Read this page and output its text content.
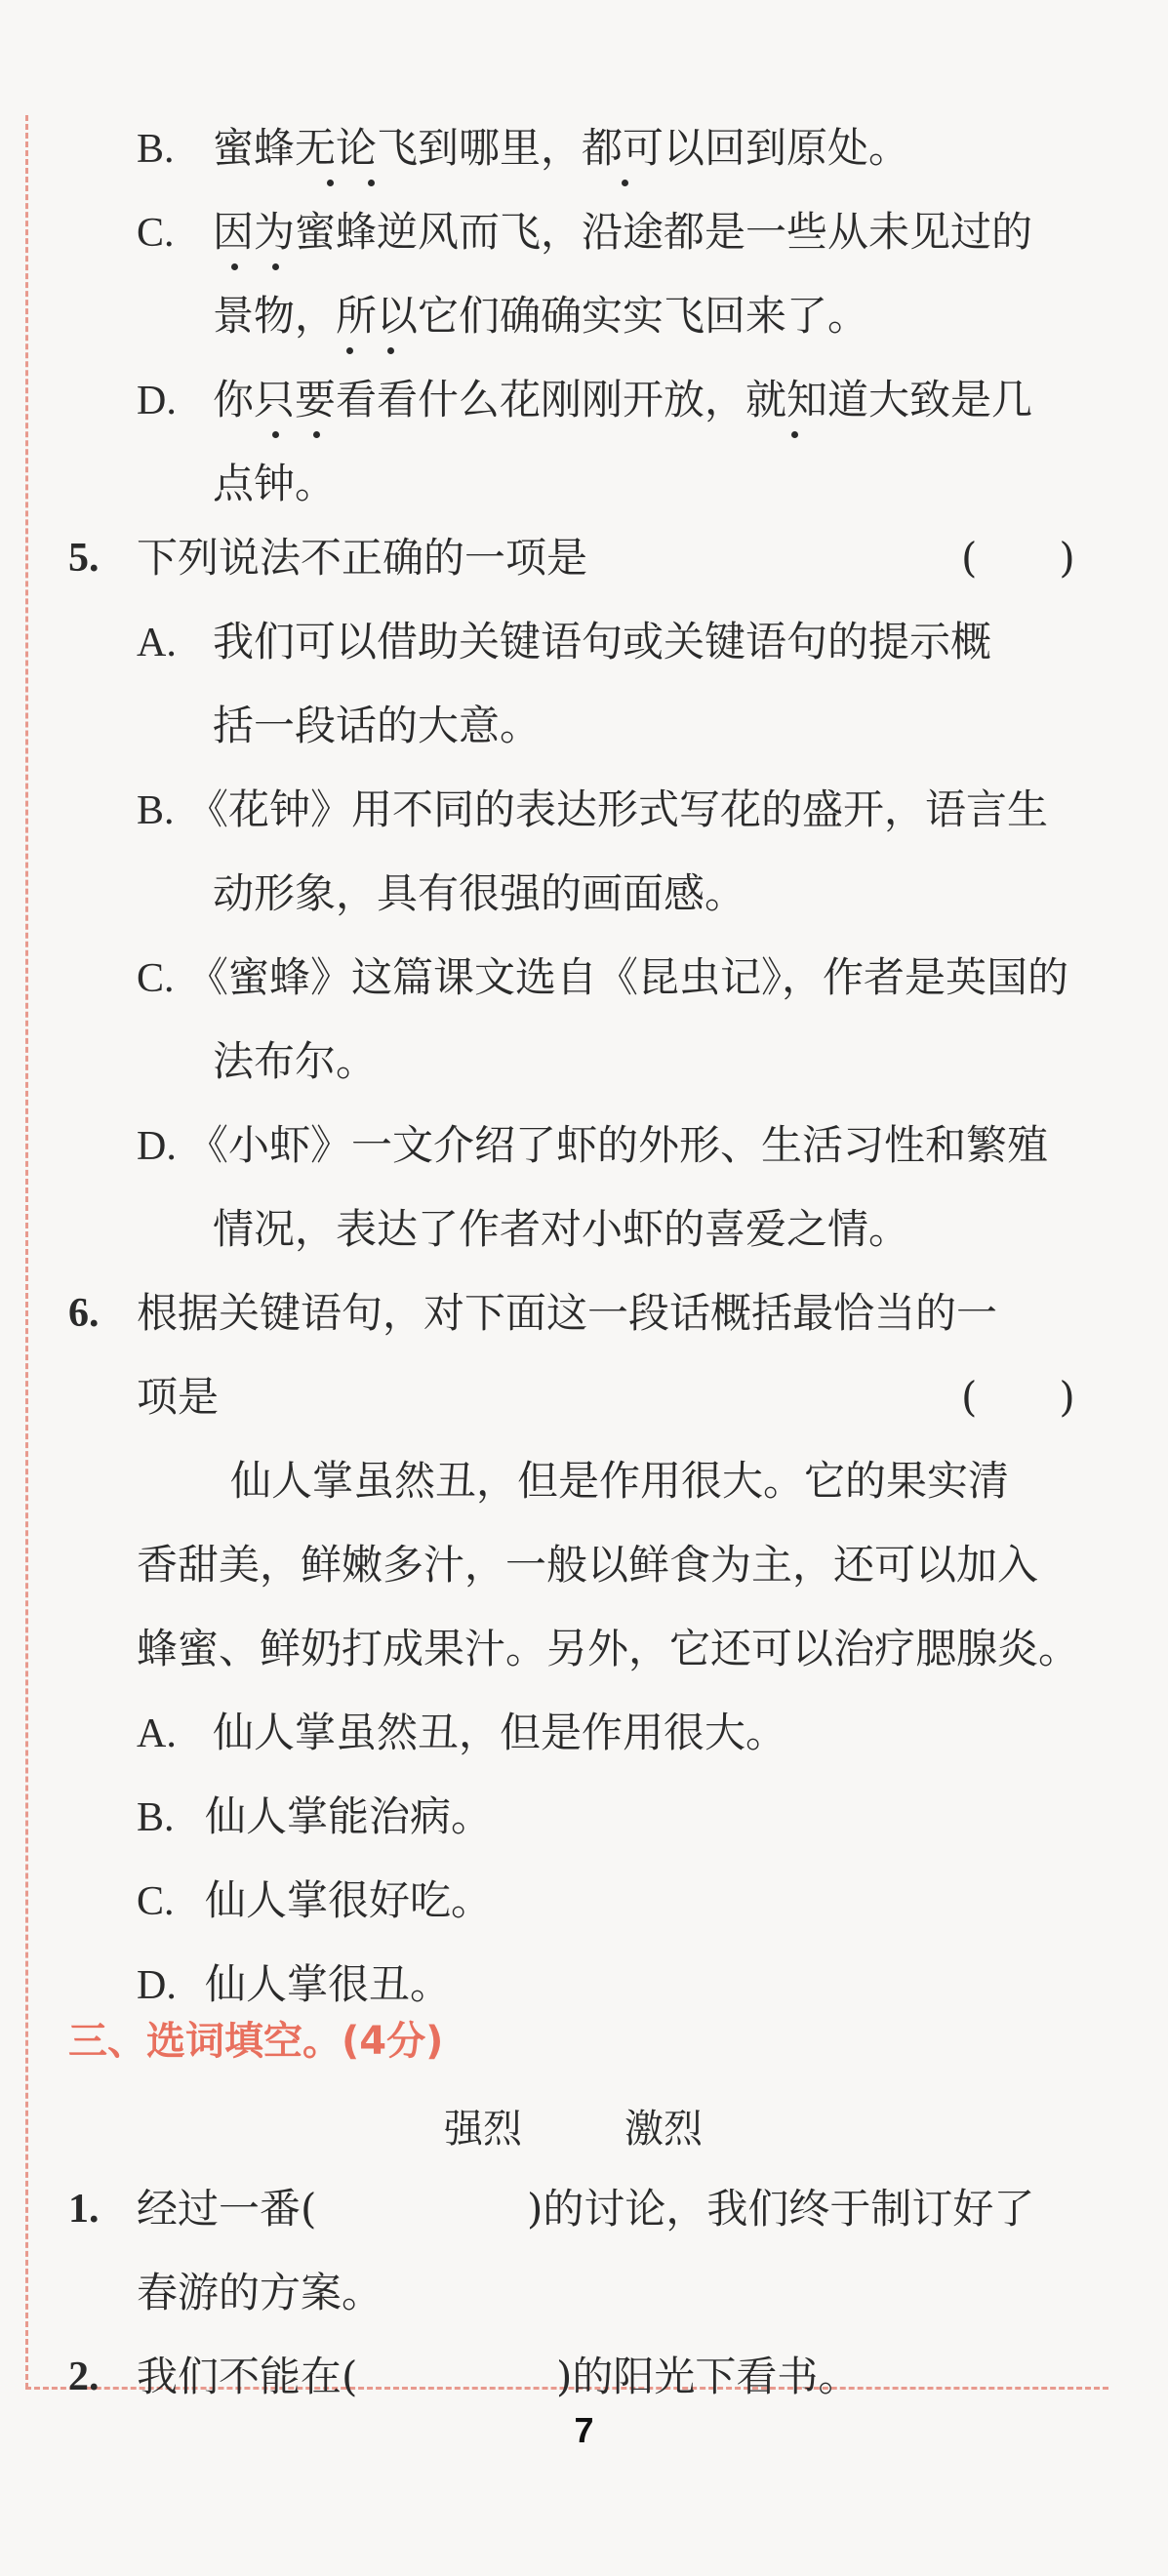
B. 蜜蜂无论飞到哪里，都可以回到原处。
C. 因为蜜蜂逆风而飞，沿途都是一些从未见过的
景物，所以它们确确实实飞回来了。
D. 你只要看看什么花刚刚开放，就知道大致是几
点钟。
5. 下列说法不正确的一项是	(　　)
A. 我们可以借助关键语句或关键语句的提示概
括一段话的大意。
B. 《花钟》用不同的表达形式写花的盛开，语言生
动形象，具有很强的画面感。
C. 《蜜蜂》这篇课文选自《昆虫记》，作者是英国的
法布尔。
D. 《小虾》一文介绍了虾的外形、生活习性和繁殖
情况，表达了作者对小虾的喜爱之情。
6. 根据关键语句，对下面这一段话概括最恰当的一
项是	(　　)
仙人掌虽然丑，但是作用很大。它的果实清
香甜美，鲜嫩多汁，一般以鲜食为主，还可以加入
蜂蜜、鲜奶打成果汁。另外，它还可以治疗腮腺炎。
A. 仙人掌虽然丑，但是作用很大。
B. 仙人掌能治病。
C. 仙人掌很好吃。
D. 仙人掌很丑。
三、选词填空。(4分)
强烈	激烈
1. 经过一番(	)的讨论，我们终于制订好了
春游的方案。
2. 我们不能在(	)的阳光下看书。
7
